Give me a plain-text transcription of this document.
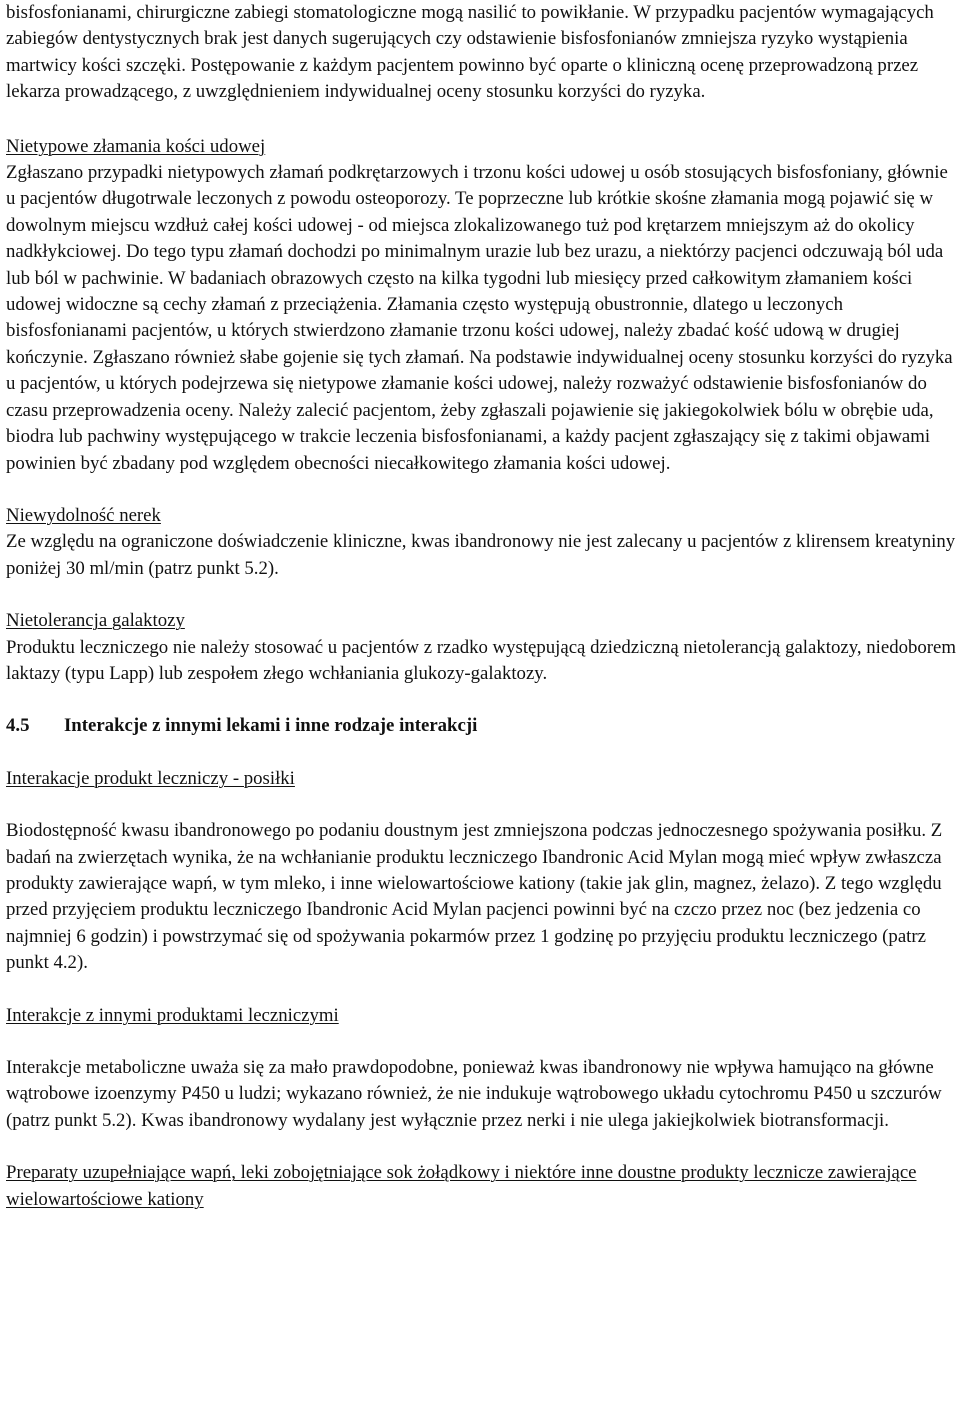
bisfosfonianami, chirurgiczne zabiegi stomatologiczne mogą nasilić to powikłanie. W przypadku pacjentów wymagających zabiegów dentystycznych brak jest danych sugerujących czy odstawienie bisfosfonianów zmniejsza ryzyko wystąpienia martwicy kości szczęki. Postępowanie z każdym pacjentem powinno być oparte o kliniczną ocenę przeprowadzoną przez lekarza prowadzącego, z uwzględnieniem indywidualnej oceny stosunku korzyści do ryzyka.

Nietypowe złamania kości udowej

Zgłaszano przypadki nietypowych złamań podkrętarzowych i trzonu kości udowej u osób stosujących bisfosfoniany, głównie u pacjentów długotrwale leczonych z powodu osteoporozy. Te poprzeczne lub krótkie skośne złamania mogą pojawić się w dowolnym miejscu wzdłuż całej kości udowej - od miejsca zlokalizowanego tuż pod krętarzem mniejszym aż do okolicy nadkłykciowej. Do tego typu złamań dochodzi po minimalnym urazie lub bez urazu, a niektórzy pacjenci odczuwają ból uda lub ból w pachwinie. W badaniach obrazowych często na kilka tygodni lub miesięcy przed całkowitym złamaniem kości udowej widoczne są cechy złamań z przeciążenia. Złamania często występują obustronnie, dlatego u leczonych bisfosfonianami pacjentów, u których stwierdzono złamanie trzonu kości udowej, należy zbadać kość udową w drugiej kończynie. Zgłaszano również słabe gojenie się tych złamań. Na podstawie indywidualnej oceny stosunku korzyści do ryzyka u pacjentów, u których podejrzewa się nietypowe złamanie kości udowej, należy rozważyć odstawienie bisfosfonianów do czasu przeprowadzenia oceny. Należy zalecić pacjentom, żeby zgłaszali pojawienie się jakiegokolwiek bólu w obrębie uda, biodra lub pachwiny występującego w trakcie leczenia bisfosfonianami, a każdy pacjent zgłaszający się z takimi objawami powinien być zbadany pod względem obecności niecałkowitego złamania kości udowej.

Niewydolność nerek

Ze względu na ograniczone doświadczenie kliniczne, kwas ibandronowy nie jest zalecany u pacjentów z klirensem kreatyniny poniżej 30 ml/min (patrz punkt 5.2).

Nietolerancja galaktozy

Produktu leczniczego nie należy stosować u pacjentów z rzadko występującą dziedziczną nietolerancją galaktozy, niedoborem laktazy (typu Lapp) lub zespołem złego wchłaniania glukozy-galaktozy.

4.5	Interakcje z innymi lekami i inne rodzaje interakcji

Interakacje produkt leczniczy - posiłki

Biodostępność kwasu ibandronowego po podaniu doustnym jest zmniejszona podczas jednoczesnego spożywania posiłku. Z badań na zwierzętach wynika, że na wchłanianie produktu leczniczego Ibandronic Acid Mylan mogą mieć wpływ zwłaszcza produkty zawierające wapń, w tym mleko, i inne wielowartościowe kationy (takie jak glin, magnez, żelazo). Z tego względu przed przyjęciem produktu leczniczego Ibandronic Acid Mylan pacjenci powinni być na czczo przez noc (bez jedzenia co najmniej 6 godzin) i powstrzymać się od spożywania pokarmów przez 1 godzinę po przyjęciu produktu leczniczego (patrz punkt 4.2).

Interakcje z innymi produktami leczniczymi

Interakcje metaboliczne uważa się za mało prawdopodobne, ponieważ kwas ibandronowy nie wpływa hamująco na główne wątrobowe izoenzymy P450 u ludzi; wykazano również, że nie indukuje wątrobowego układu cytochromu P450 u szczurów (patrz punkt 5.2). Kwas ibandronowy wydalany jest wyłącznie przez nerki i nie ulega jakiejkolwiek biotransformacji.

Preparaty uzupełniające wapń, leki zobojętniające sok żołądkowy i niektóre inne doustne produkty lecznicze zawierające wielowartościowe kationy
